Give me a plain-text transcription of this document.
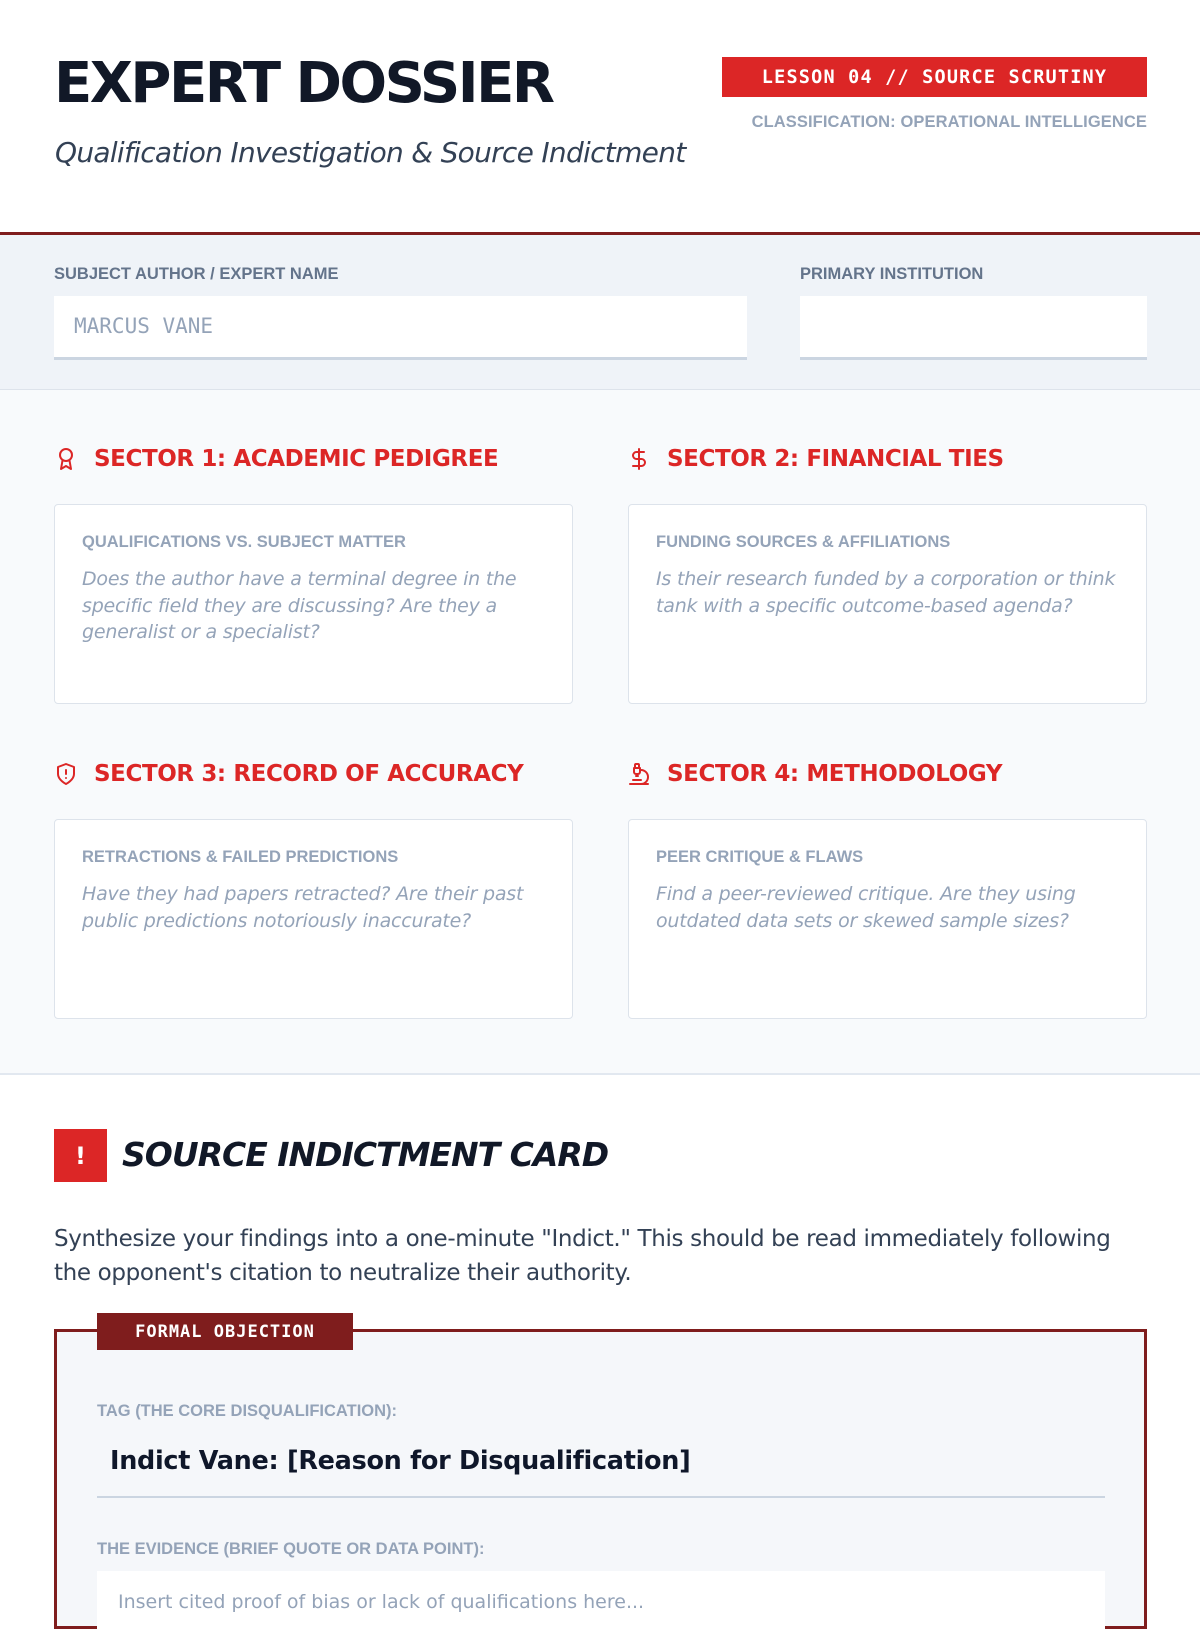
EXPERT DOSSIER
Qualification Investigation & Source Indictment
LESSON 04 // SOURCE SCRUTINY
CLASSIFICATION: OPERATIONAL INTELLIGENCE
SUBJECT AUTHOR / EXPERT NAME
MARCUS VANE
PRIMARY INSTITUTION
SECTOR 1: ACADEMIC PEDIGREE
QUALIFICATIONS VS. SUBJECT MATTER
Does the author have a terminal degree in the specific field they are discussing? Are they a generalist or a specialist?
SECTOR 2: FINANCIAL TIES
FUNDING SOURCES & AFFILIATIONS
Is their research funded by a corporation or think tank with a specific outcome-based agenda?
SECTOR 3: RECORD OF ACCURACY
RETRACTIONS & FAILED PREDICTIONS
Have they had papers retracted? Are their past public predictions notoriously inaccurate?
SECTOR 4: METHODOLOGY
PEER CRITIQUE & FLAWS
Find a peer-reviewed critique. Are they using outdated data sets or skewed sample sizes?
!	SOURCE INDICTMENT CARD
Synthesize your findings into a one-minute "Indict." This should be read immediately following the opponent's citation to neutralize their authority.
FORMAL OBJECTION
TAG (THE CORE DISQUALIFICATION):
Indict Vane: [Reason for Disqualification]
THE EVIDENCE (BRIEF QUOTE OR DATA POINT):
Insert cited proof of bias or lack of qualifications here...
